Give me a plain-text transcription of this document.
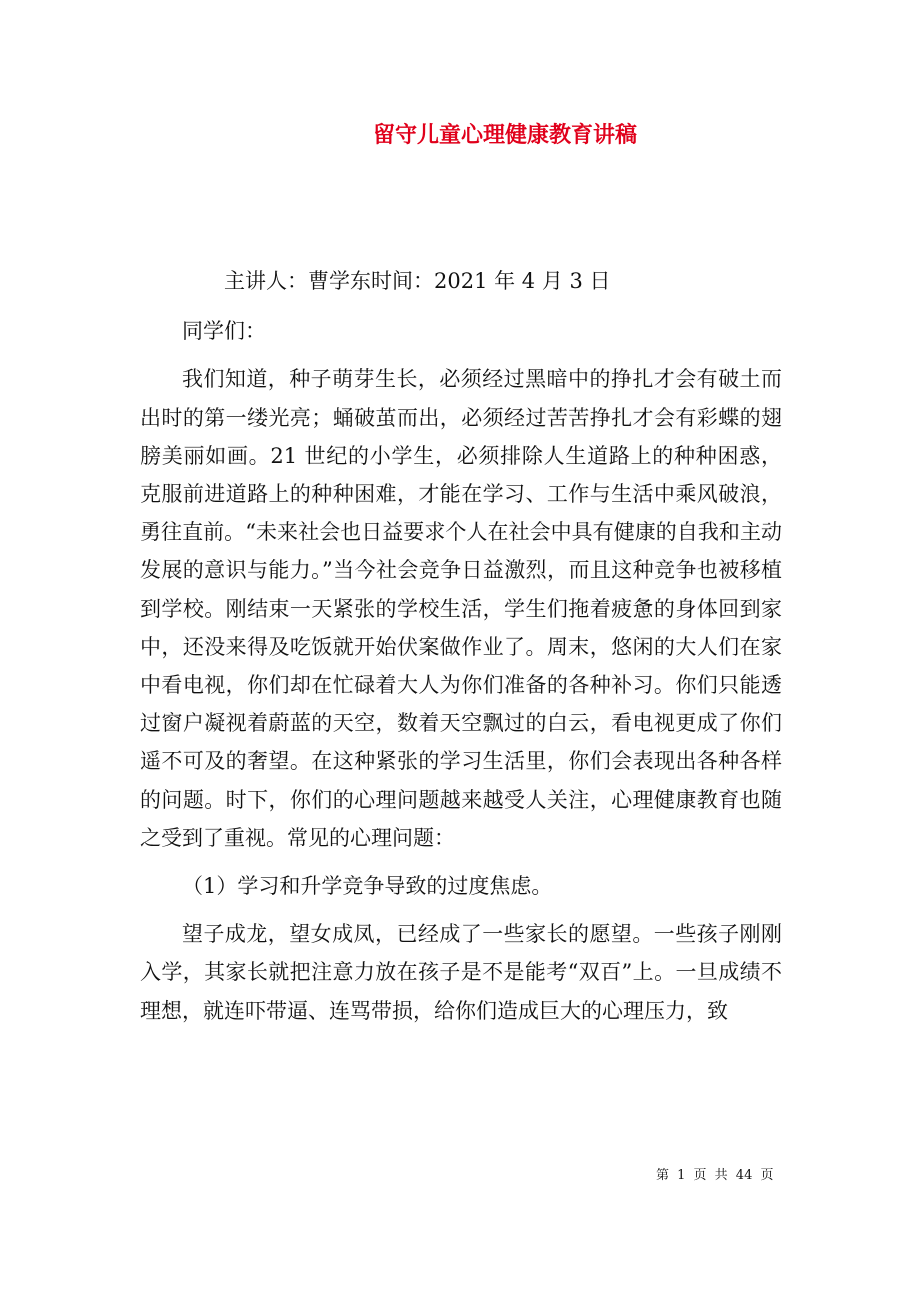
留守儿童心理健康教育讲稿

主讲人：曹学东时间：2021 年 4 月 3 日

同学们：

我们知道，种子萌芽生长，必须经过黑暗中的挣扎才会有破土而出时的第一缕光亮；蛹破茧而出，必须经过苦苦挣扎才会有彩蝶的翅膀美丽如画。21 世纪的小学生，必须排除人生道路上的种种困惑，克服前进道路上的种种困难，才能在学习、工作与生活中乘风破浪，勇往直前。“未来社会也日益要求个人在社会中具有健康的自我和主动发展的意识与能力。”当今社会竞争日益激烈，而且这种竞争也被移植到学校。刚结束一天紧张的学校生活，学生们拖着疲惫的身体回到家中，还没来得及吃饭就开始伏案做作业了。周末，悠闲的大人们在家中看电视，你们却在忙碌着大人为你们准备的各种补习。你们只能透过窗户凝视着蔚蓝的天空，数着天空飘过的白云，看电视更成了你们遥不可及的奢望。在这种紧张的学习生活里，你们会表现出各种各样的问题。时下，你们的心理问题越来越受人关注，心理健康教育也随之受到了重视。常见的心理问题：

（1）学习和升学竞争导致的过度焦虑。

望子成龙，望女成凤，已经成了一些家长的愿望。一些孩子刚刚入学，其家长就把注意力放在孩子是不是能考“双百”上。一旦成绩不理想，就连吓带逼、连骂带损，给你们造成巨大的心理压力，致

第 1 页 共 44 页
